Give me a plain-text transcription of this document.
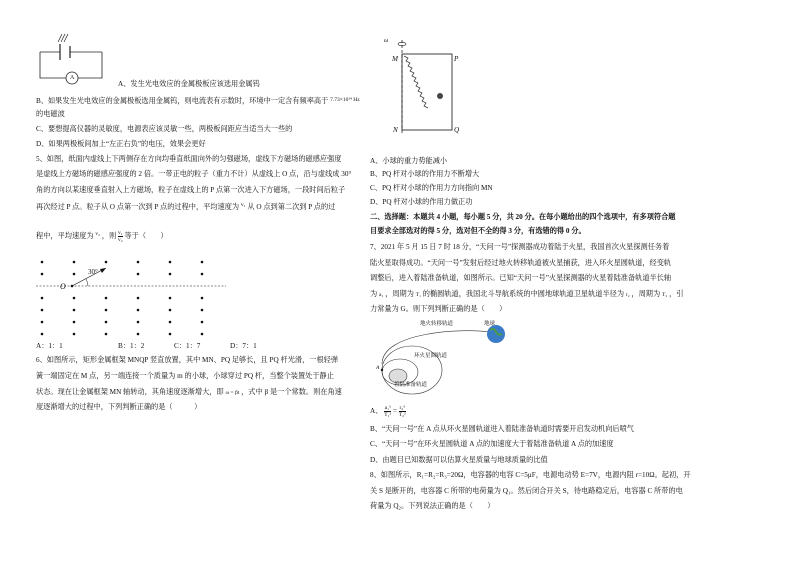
A
A、发生光电效应的金属极板应该选用金属钨
B、如果发生光电效应的金属极板选用金属钨，则电流表有示数时，环境中一定含有频率高于 $^{7.73\times 10^{14} Hz}$
的电磁波
C、要想提高仪器的灵敏度，电源表应该灵敏一些，两极板间距应当适当大一些的
D、如果两极板间加上“左正右负”的电压，效果会更好
5、如图，纸面内虚线上下两侧存在方向均垂直纸面向外的匀强磁场，虚线下方磁场的磁感应强度
是虚线上方磁场的磁感应强度的 2 倍。一带正电的粒子（重力不计）从虚线上 O 点，沿与虚线成 30°
角的方向以某速度垂直射入上方磁场，粒子在虚线上的 P 点第一次进入下方磁场，一段时间后粒子
再次经过 P 点。粒子从 O 点第一次到 P 点的过程中，平均速度为 $^{v_1}$ 从 O 点到第二次到 P 点的过
程中，平均速度为 $^{v_2}$ ，则 $\frac{\text{v₁}}{\text{v₂}}$ 等于（　　）
O
30°
A：1：1	B：1：2	C：1：7	D：7：1
6、如图所示，矩形金属框架 MNQP 竖直放置，其中 MN、PQ 足够长，且 PQ 杆光滑，一根轻弹
簧一端固定在 M 点，另一端连接一个质量为 m 的小球，小球穿过 PQ 杆，当整个装置处于静止
状态。现在让金属框架 MN 轴转动，其角速度逐渐增大，即 ω = βt ，式中 β 是一个常数。则在角速
度逐渐增大的过程中，下列判断正确的是（　　　）
ω
M	P
N	Q
A、小球的重力势能减小
B、PQ 杆对小球的作用力不断增大
C、PQ 杆对小球的作用力方向指向 MN
D、PQ 杆对小球的作用力做正功
二、选择题：本题共 4 小题，每小题 5 分，共 20 分。在每小题给出的四个选项中，有多项符合题
目要求全部选对的得 5 分，选对但不全的得 3 分，有选错的得 0 分。
7、2021 年 5 月 15 日 7 时 18 分，“天问一号”探测器成功着陆于火星，我国首次火星探测任务着
陆火星取得成功。“天问一号”发射后经过地火转移轨道被火星捕获，进入环火星圆轨道，经变轨
调整后，进入着陆准备轨道，如图所示。已知“天问一号”火星探测器的火星着陆准备轨道半长轴
为 a₁ ，周期为 T₁ 的椭圆轨道，我国北斗导航系统的中圆地球轨道卫星轨道半径为 r₂ ，周期为 T₂ ，引
力常量为 G。则下列判断正确的是（　　）
地火转移轨道	地球
环火星圆轨道
着陆准备轨道
A
A、 $\frac{\text{a₁³}}{\text{T₁²}} = \frac{\text{r₂³}}{\text{T₂²}}$
B、“天问一号”在 A 点从环火星圆轨道进入着陆准备轨道时需要开启发动机向后喷气
C、“天问一号”在环火星圆轨道 A 点的加速度大于着陆准备轨道 A 点的加速度
D、由题目已知数据可以估算火星质量与地球质量的比值
8、如图所示，R₁=R₂=R₃=20Ω，电容器的电容 C=5μF，电源电动势 E=7V，电源内阻 r=10Ω。起初，开
关 S 是断开的，电容器 C 所带的电荷量为 Q₁。然后闭合开关 S，待电路稳定后，电容器 C 所带的电
荷量为 Q₂。下列说法正确的是（　　）
